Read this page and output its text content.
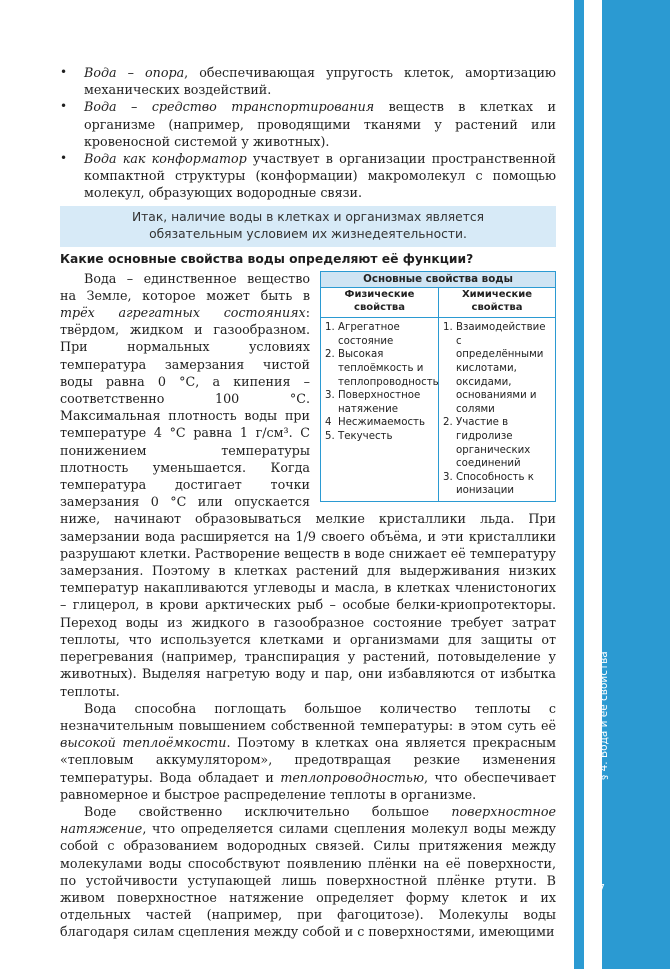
§ 4. Вода и её свойства
17
• Вода – опора, обеспечивающая упругость клеток, амортизацию механических воздействий.
• Вода – средство транспортирования веществ в клетках и организме (например, проводящими тканями у растений или кровеносной системой у животных).
• Вода как конформатор участвует в организации пространственной компактной структуры (конформации) макромолекул с помощью молекул, образующих водородные связи.
Итак, наличие воды в клетках и организмах является
обязательным условием их жизнедеятельности.
Какие основные свойства воды определяют её функции?
Основные свойства воды
Физические
свойства
1. Агрегатное состояние
2. Высокая теплоёмкость и теплопроводность
3. Поверхностное натяжение
4 Несжимаемость
5. Текучесть
Химические
свойства
1. Взаимодействие с определёнными кислотами, оксидами, основаниями и солями
2. Участие в гидролизе органических соединений
3. Способность к ионизации

Вода – единственное вещество на Земле, которое может быть в трёх агрегатных состояниях: твёрдом, жидком и газообразном. При нормальных условиях температура замерзания чистой воды равна 0 °С, а кипения – соответственно 100 °С. Максимальная плотность воды при температуре 4 °С равна 1 г/см³. С понижением температуры плотность уменьшается. Когда температура достигает точки замерзания 0 °С или опускается ниже, начинают образовываться мелкие кристаллики льда. При замерзании вода расширяется на 1/9 своего объёма, и эти кристаллики разрушают клетки. Растворение веществ в воде снижает её температуру замерзания. Поэтому в клетках растений для выдерживания низких температур накапливаются углеводы и масла, в клетках членистоногих – глицерол, в крови арктических рыб – особые белки-криопротекторы. Переход воды из жидкого в газообразное состояние требует затрат теплоты, что используется клетками и организмами для защиты от перегревания (например, транспирация у растений, потовыделение у животных). Выделяя нагретую воду и пар, они избавляются от избытка теплоты.

Вода способна поглощать большое количество теплоты с незначительным повышением собственной температуры: в этом суть её высокой теплоёмкости. Поэтому в клетках она является прекрасным «тепловым аккумулятором», предотвращая резкие изменения температуры. Вода обладает и теплопроводностью, что обеспечивает равномерное и быстрое распределение теплоты в организме.

Воде свойственно исключительно большое поверхностное натяжение, что определяется силами сцепления молекул воды между собой с образованием водородных связей. Силы притяжения между молекулами воды способствуют появлению плёнки на её поверхности, по устойчивости уступающей лишь поверхностной плёнке ртути. В живом поверхностное натяжение определяет форму клеток и их отдельных частей (например, при фагоцитозе). Молекулы воды благодаря силам сцепления между собой и с поверхностями, имеющими
